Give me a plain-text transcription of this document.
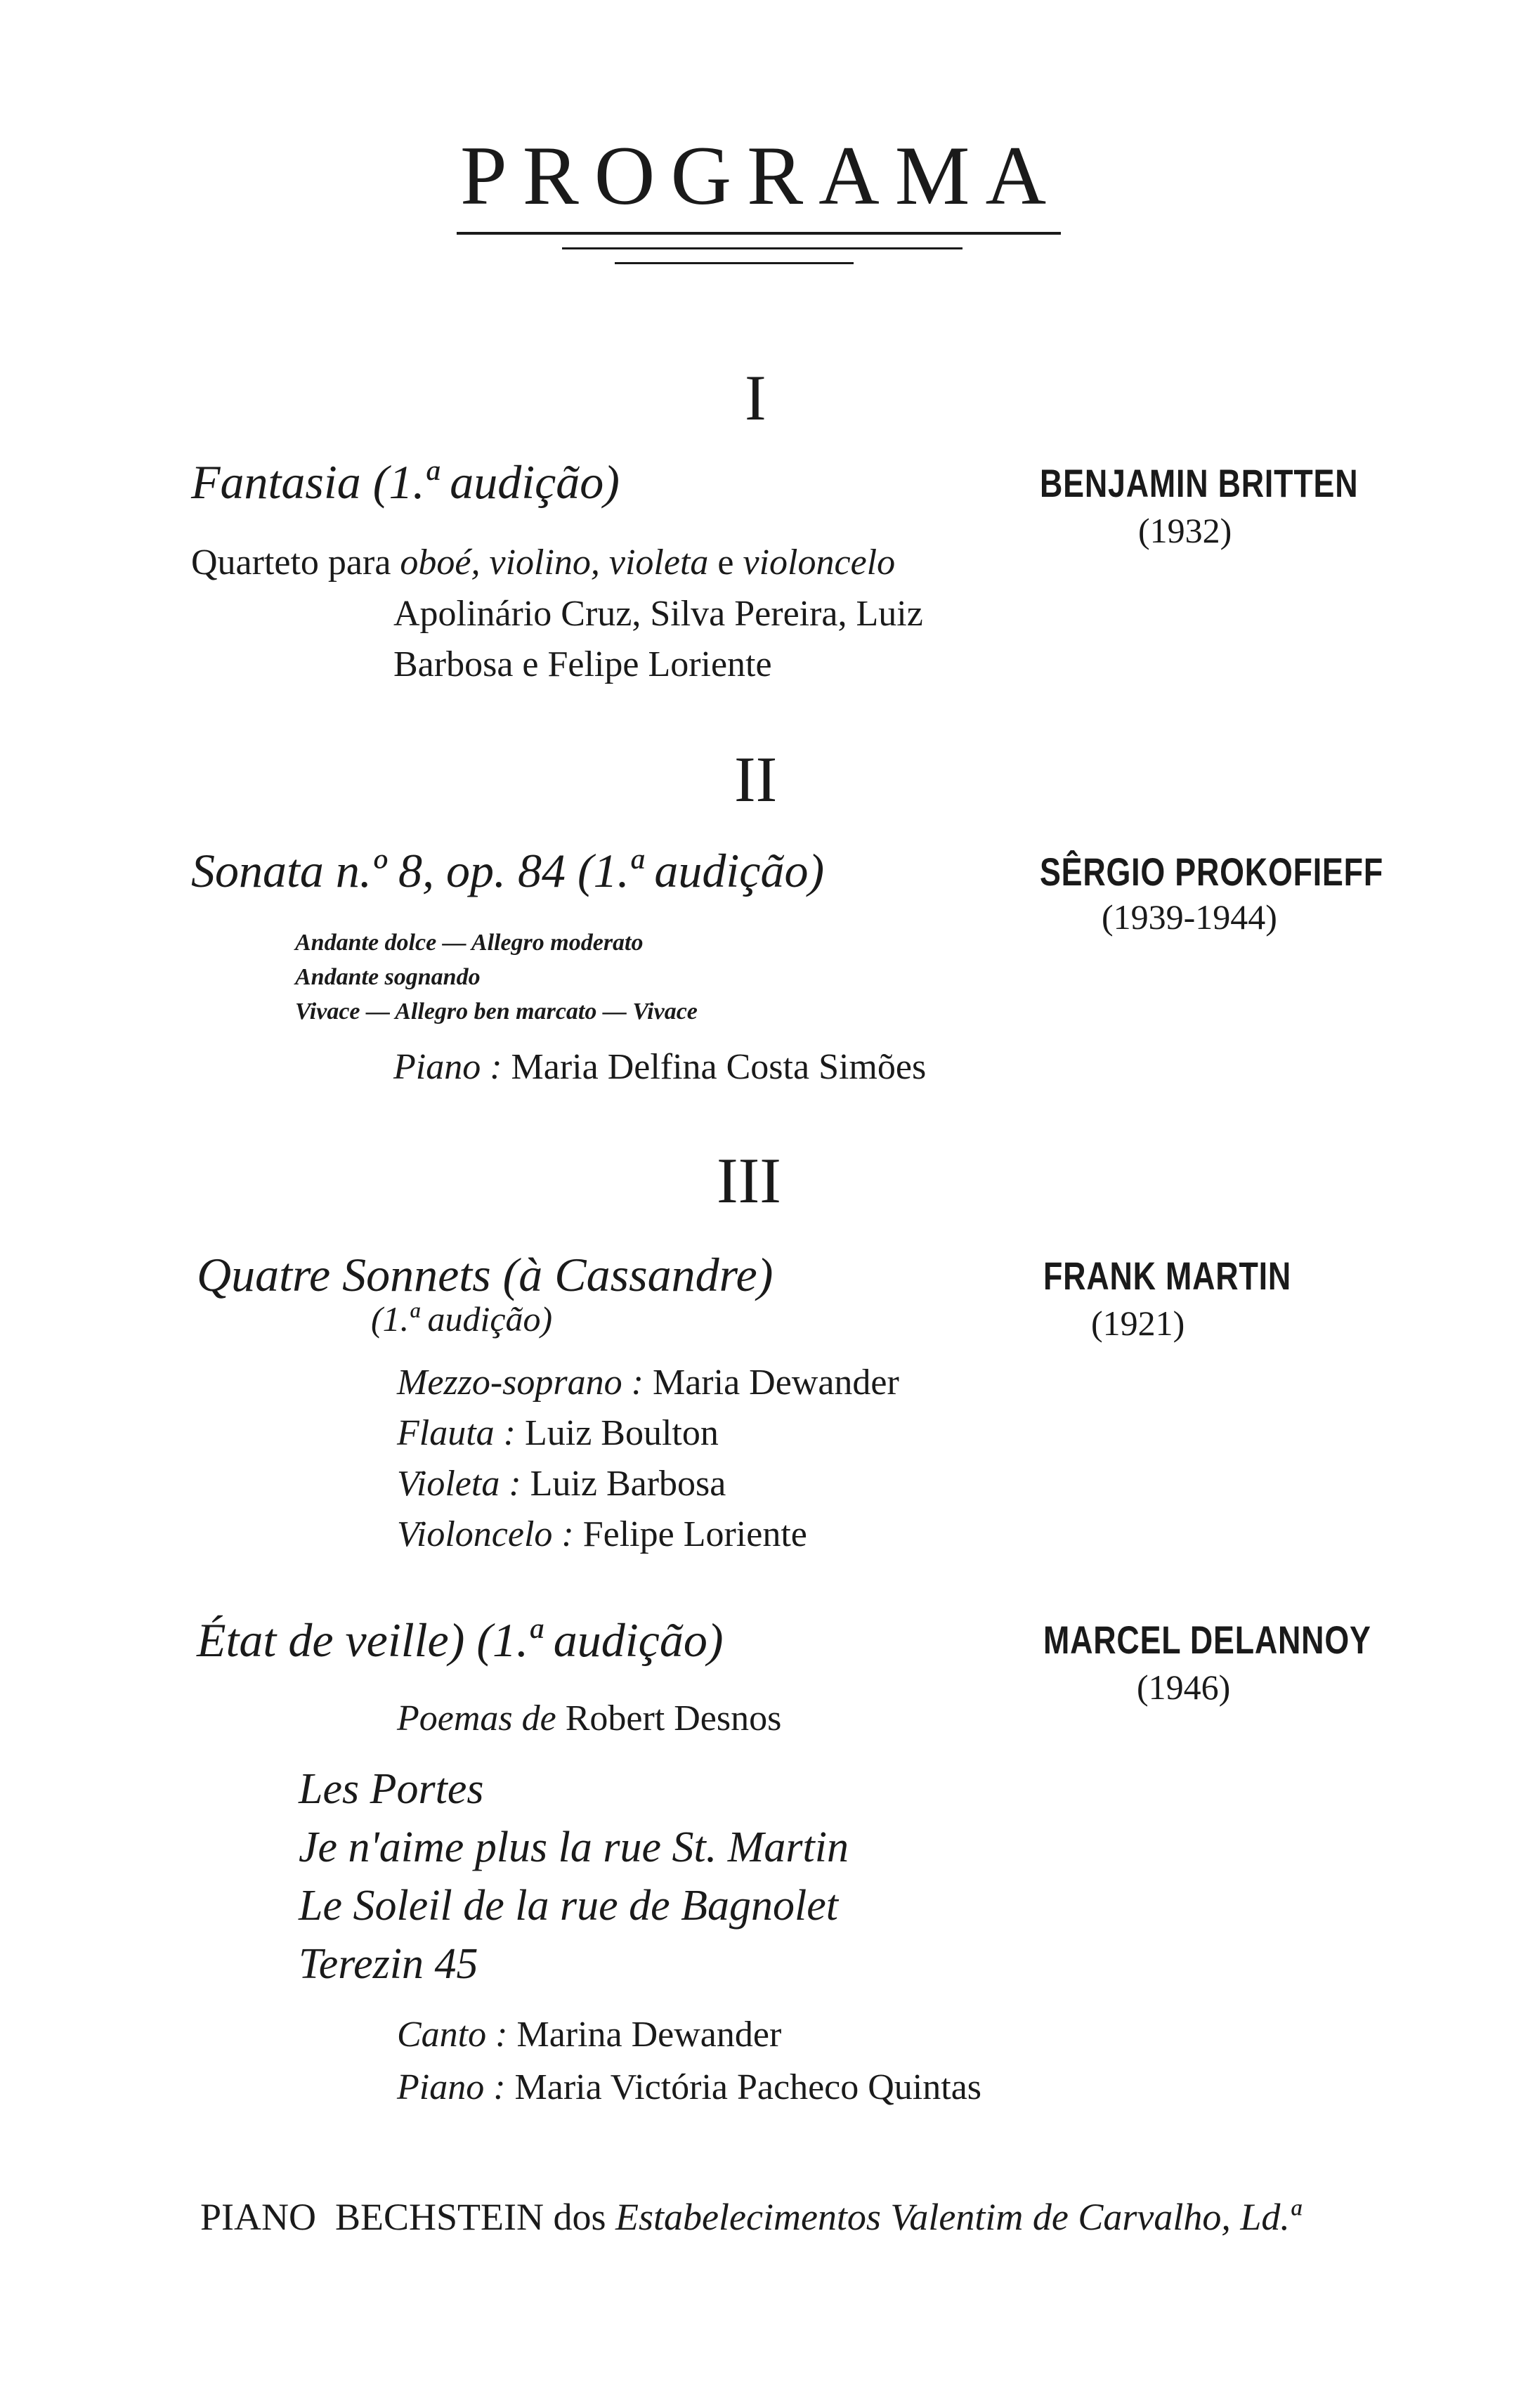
PROGRAMA
I
Fantasia (1.ª audição)	BENJAMIN BRITTEN
(1932)
Quarteto para oboé, violino, violeta e violoncelo
Apolinário Cruz, Silva Pereira, Luiz
Barbosa e Felipe Loriente
II
Sonata n.º 8, op. 84 (1.ª audição)	SÊRGIO PROKOFIEFF
(1939-1944)
Andante dolce — Allegro moderato
Andante sognando
Vivace — Allegro ben marcato — Vivace
Piano : Maria Delfina Costa Simões
III
Quatre Sonnets (à Cassandre)
(1.ª audição)
FRANK MARTIN
(1921)
Mezzo-soprano : Maria Dewander
Flauta : Luiz Boulton
Violeta : Luiz Barbosa
Violoncelo : Felipe Loriente
État de veille) (1.ª audição)	MARCEL DELANNOY
(1946)
Poemas de Robert Desnos
Les Portes
Je n'aime plus la rue St. Martin
Le Soleil de la rue de Bagnolet
Terezin 45
Canto : Marina Dewander
Piano : Maria Victória Pacheco Quintas
PIANO  BECHSTEIN dos Estabelecimentos Valentim de Carvalho, Ld.ª
